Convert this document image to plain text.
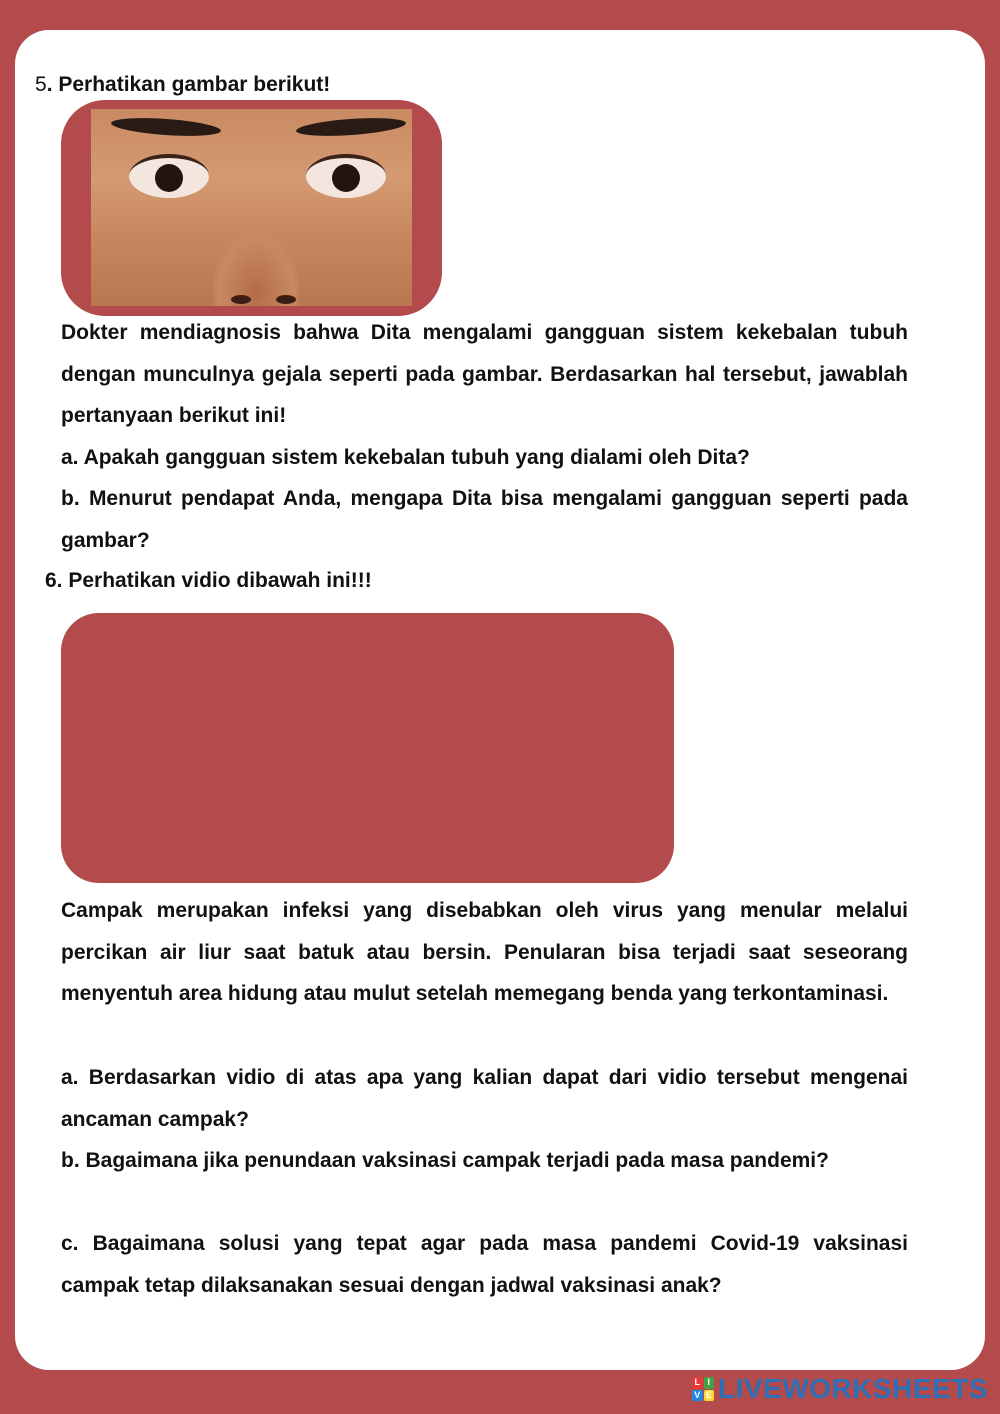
5. Perhatikan gambar berikut!

Dokter mendiagnosis bahwa Dita mengalami gangguan sistem kekebalan tubuh dengan munculnya gejala seperti pada gambar. Berdasarkan hal tersebut, jawablah pertanyaan berikut ini!

a. Apakah gangguan sistem kekebalan tubuh yang dialami oleh Dita?

b. Menurut pendapat Anda, mengapa Dita bisa mengalami gangguan seperti pada gambar?

6. Perhatikan vidio dibawah ini!!!

Campak merupakan infeksi yang disebabkan oleh virus yang menular melalui percikan air liur saat batuk atau bersin. Penularan bisa terjadi saat seseorang menyentuh area hidung atau mulut setelah memegang benda yang terkontaminasi.

a. Berdasarkan vidio di atas apa yang kalian dapat dari vidio tersebut mengenai ancaman campak?

b. Bagaimana jika penundaan vaksinasi campak terjadi pada masa pandemi?

c. Bagaimana solusi yang tepat agar pada masa pandemi Covid-19 vaksinasi campak tetap dilaksanakan sesuai dengan jadwal vaksinasi anak?

L I
V E LIVEWORKSHEETS
